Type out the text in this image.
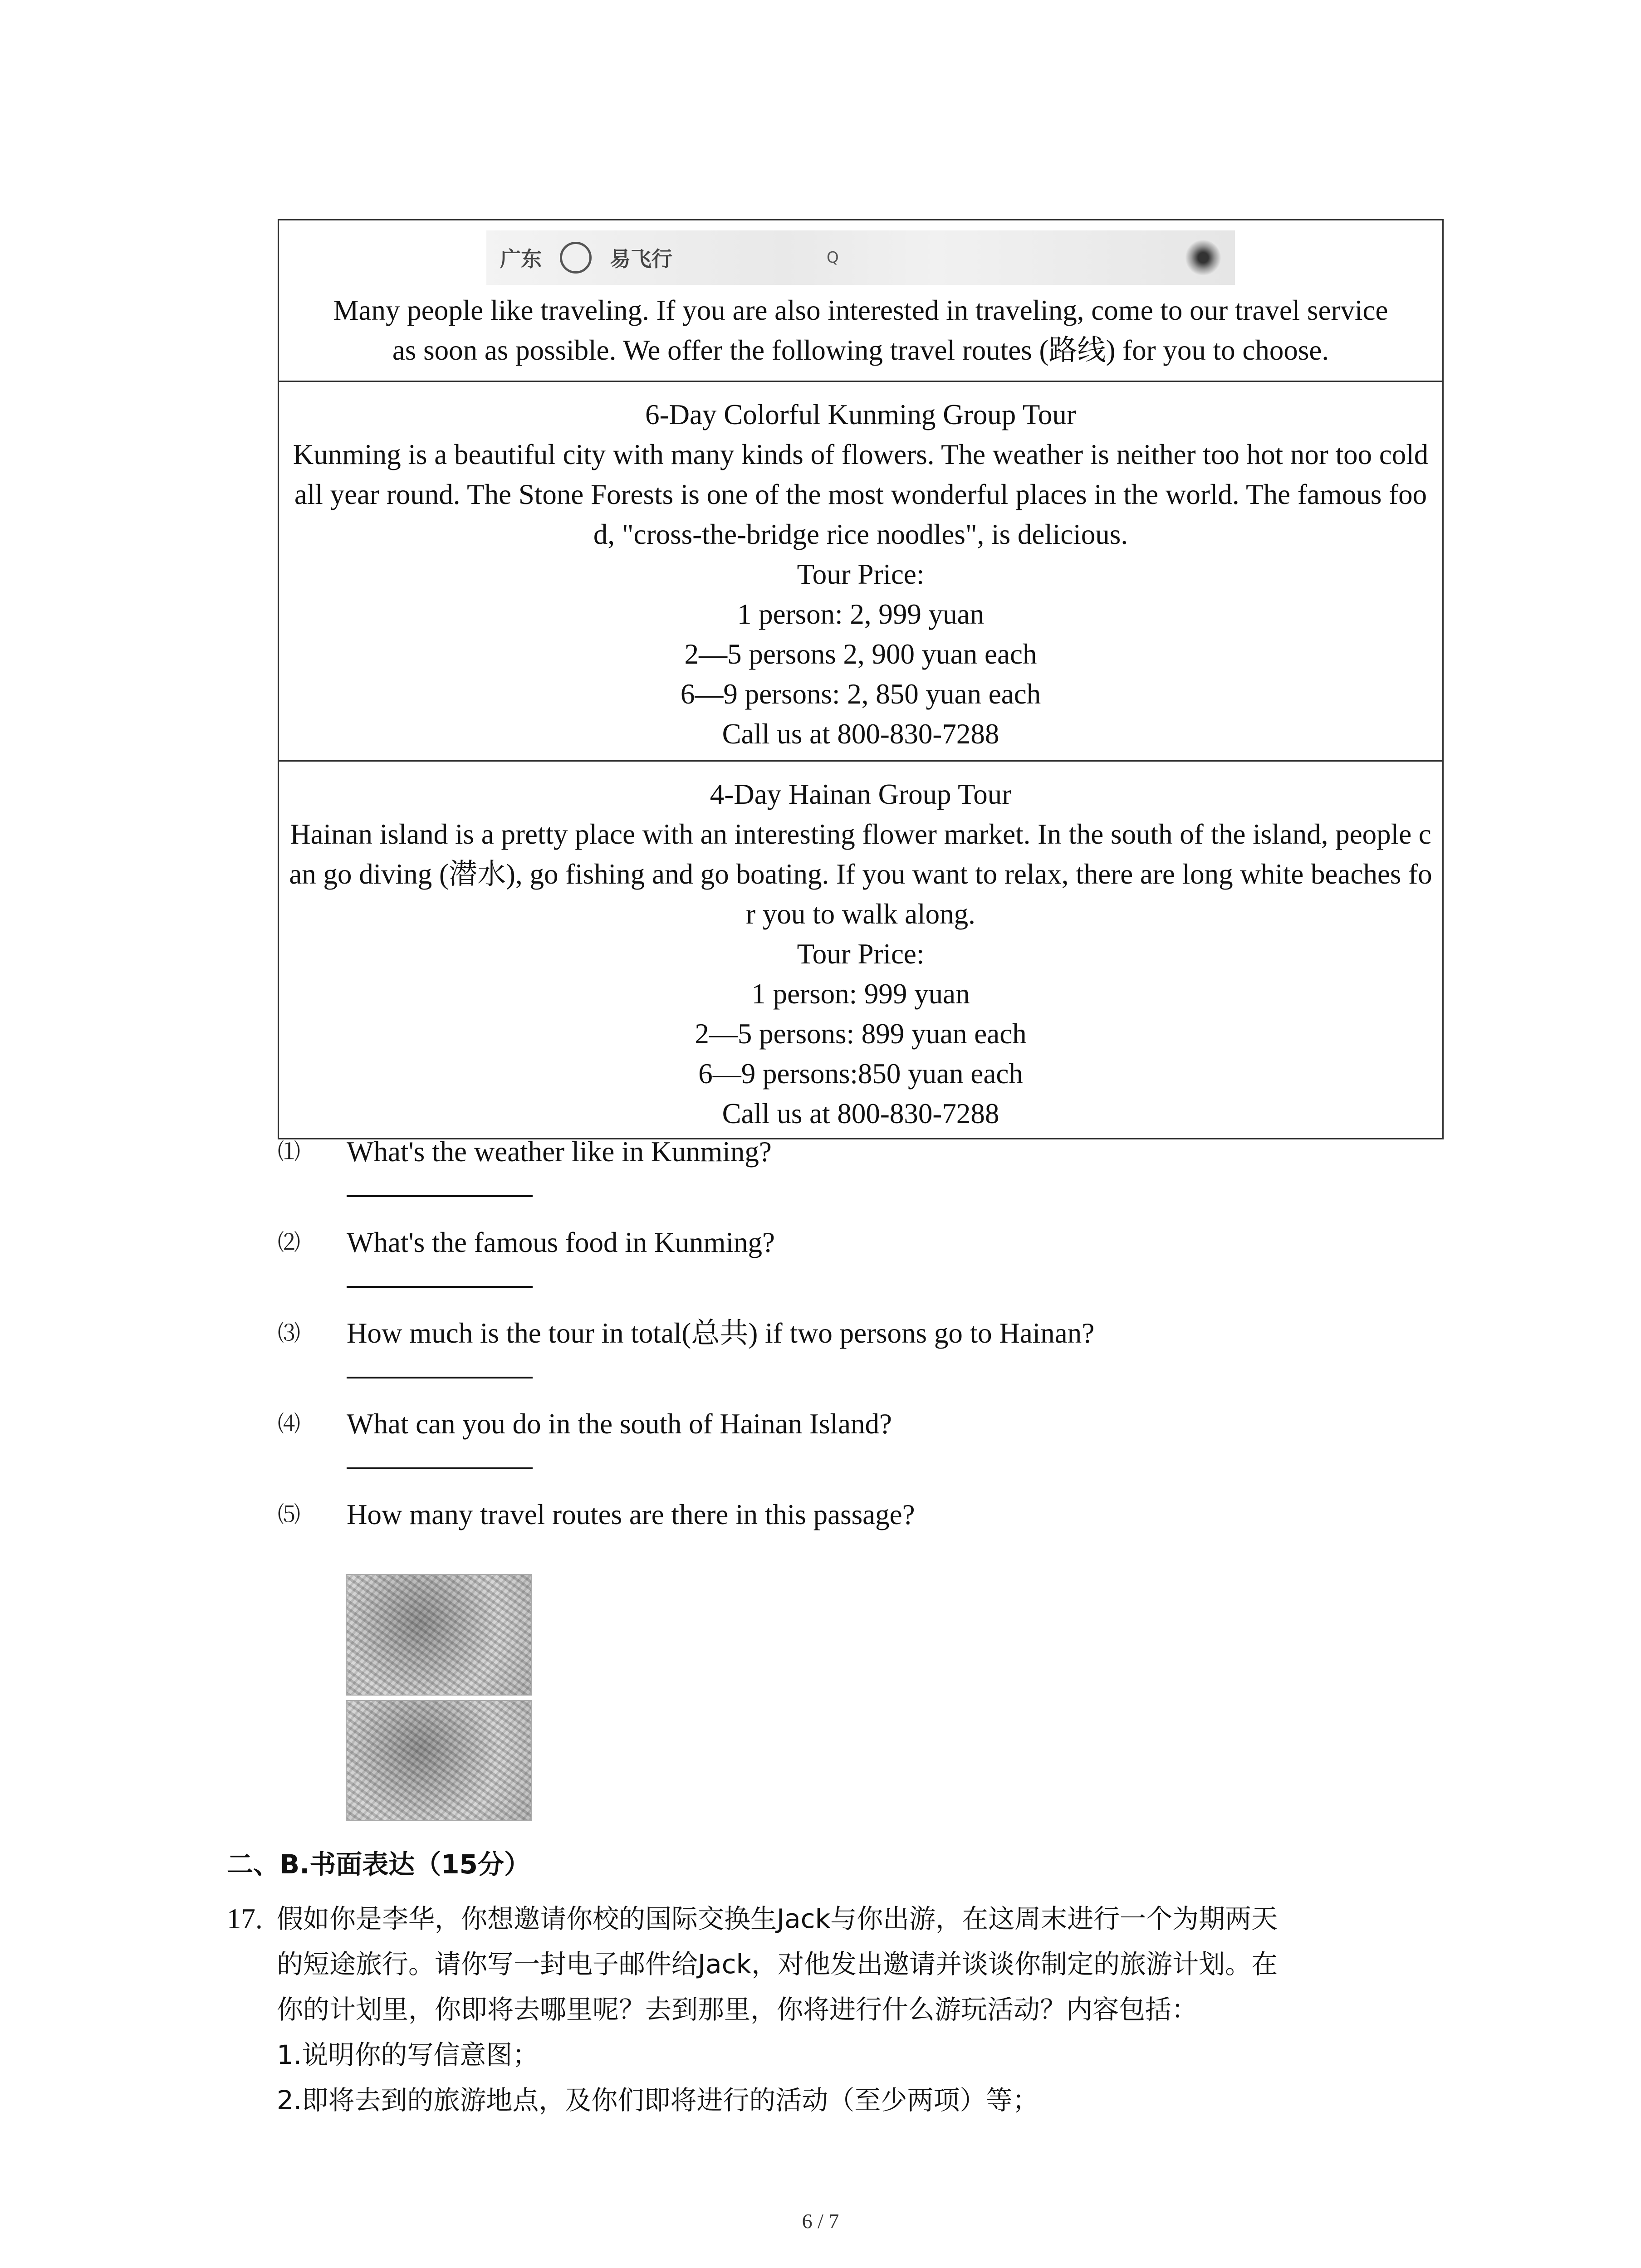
广东	易飞行	Q

Many people like traveling. If you are also interested in traveling, come to our travel service

as soon as possible. We offer the following travel routes (路线) for you to choose.

6-Day Colorful Kunming Group Tour

Kunming is a beautiful city with many kinds of flowers. The weather is neither too hot nor too cold all year round. The Stone Forests is one of the most wonderful places in the world. The famous food, "cross-the-bridge rice noodles", is delicious.

Tour Price:

1 person: 2, 999 yuan

2—5 persons 2, 900 yuan each

6—9 persons: 2, 850 yuan each

Call us at 800-830-7288

4-Day Hainan Group Tour

Hainan island is a pretty place with an interesting flower market. In the south of the island, people can go diving (潜水), go fishing and go boating. If you want to relax, there are long white beaches for you to walk along.

Tour Price:

1 person: 999 yuan

2—5 persons: 899 yuan each

6—9 persons:850 yuan each

Call us at 800-830-7288

⑴ What's the weather like in Kunming?
⑵ What's the famous food in Kunming?
⑶ How much is the tour in total(总共) if two persons go to Hainan?
⑷ What can you do in the south of Hainan Island?
⑸ How many travel routes are there in this passage?
二、B.书面表达（15分）
17. 假如你是李华，你想邀请你校的国际交换生Jack与你出游，在这周末进行一个为期两天

的短途旅行。请你写一封电子邮件给Jack，对他发出邀请并谈谈你制定的旅游计划。在

你的计划里，你即将去哪里呢？去到那里，你将进行什么游玩活动？内容包括：

1.说明你的写信意图；

2.即将去到的旅游地点，及你们即将进行的活动（至少两项）等；

6 / 7
